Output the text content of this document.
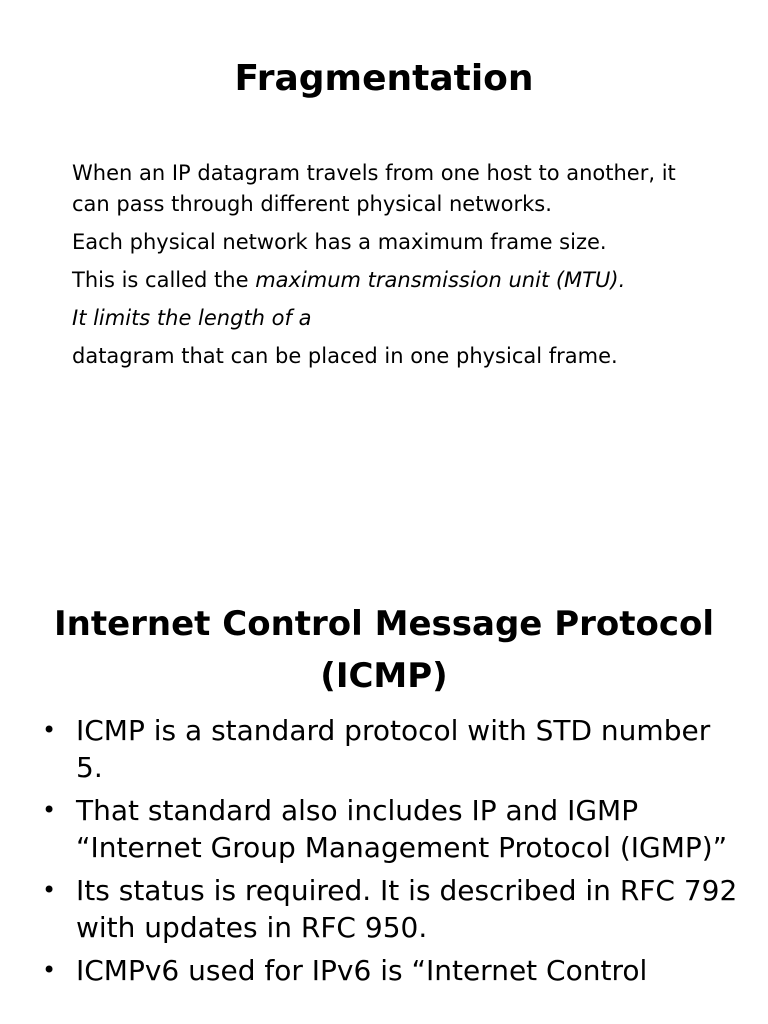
Fragmentation

When an IP datagram travels from one host to another, it can pass through different physical networks.

Each physical network has a maximum frame size.

This is called the maximum transmission unit (MTU).

It limits the length of a

datagram that can be placed in one physical frame.

Internet Control Message Protocol
(ICMP)
• ICMP is a standard protocol with STD number 5.
• That standard also includes IP and IGMP “Internet Group Management Protocol (IGMP)”
• Its status is required. It is described in RFC 792 with updates in RFC 950.
• ICMPv6 used for IPv6 is “Internet Control
